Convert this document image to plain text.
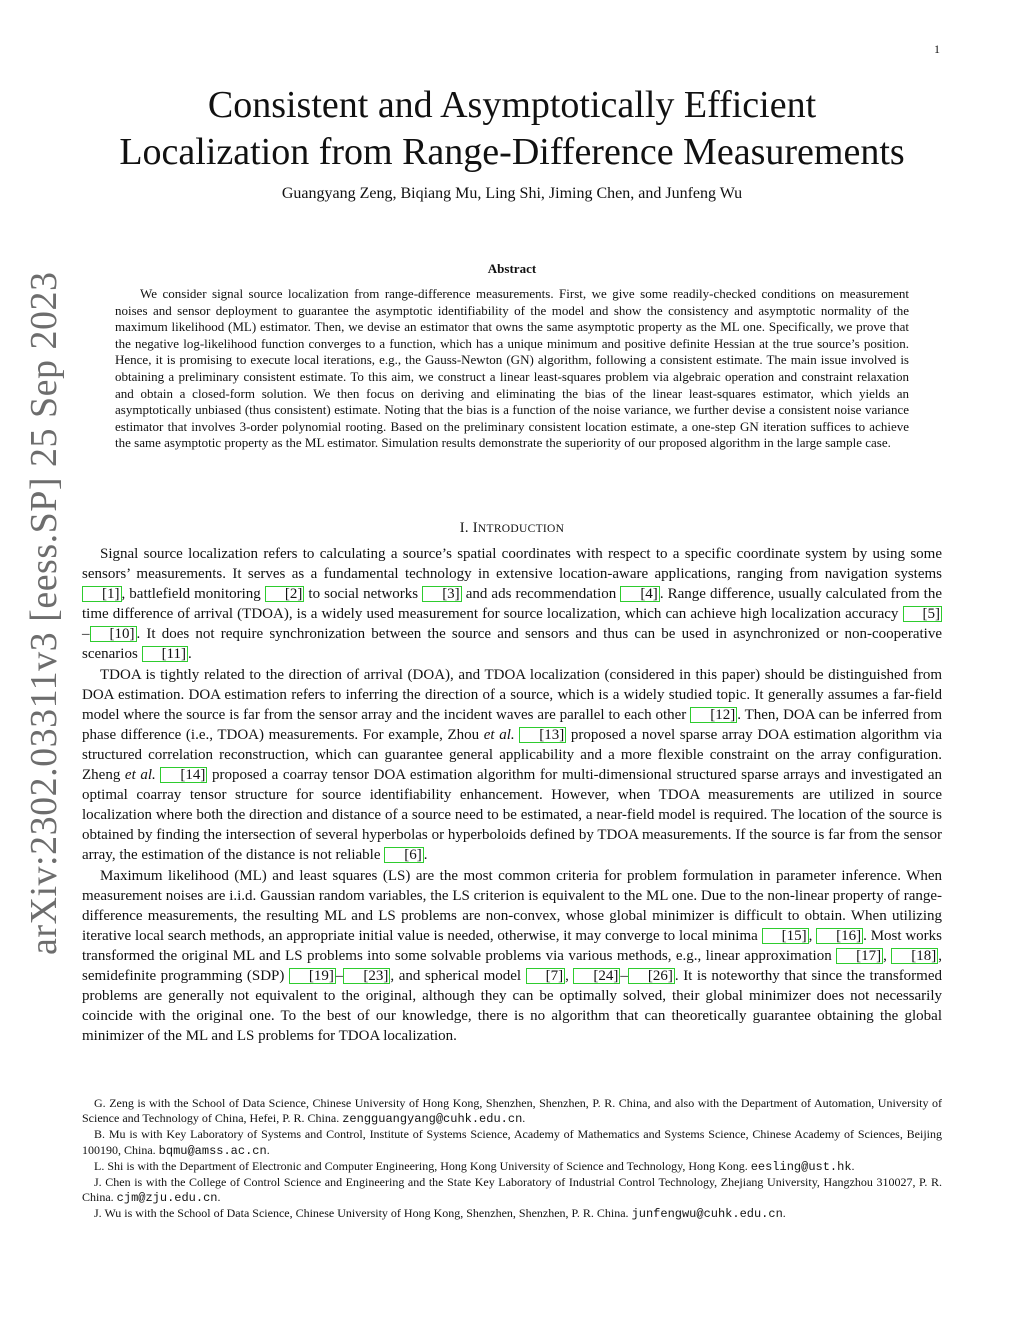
1
arXiv:2302.03311v3 [eess.SP] 25 Sep 2023
Consistent and Asymptotically Efficient
Localization from Range-Difference Measurements
Guangyang Zeng, Biqiang Mu, Ling Shi, Jiming Chen, and Junfeng Wu
Abstract

We consider signal source localization from range-difference measurements. First, we give some readily-checked conditions on measurement noises and sensor deployment to guarantee the asymptotic identifiability of the model and show the consistency and asymptotic normality of the maximum likelihood (ML) estimator. Then, we devise an estimator that owns the same asymptotic property as the ML one. Specifically, we prove that the negative log-likelihood function converges to a function, which has a unique minimum and positive definite Hessian at the true source’s position. Hence, it is promising to execute local iterations, e.g., the Gauss-Newton (GN) algorithm, following a consistent estimate. The main issue involved is obtaining a preliminary consistent estimate. To this aim, we construct a linear least-squares problem via algebraic operation and constraint relaxation and obtain a closed-form solution. We then focus on deriving and eliminating the bias of the linear least-squares estimator, which yields an asymptotically unbiased (thus consistent) estimate. Noting that the bias is a function of the noise variance, we further devise a consistent noise variance estimator that involves 3-order polynomial rooting. Based on the preliminary consistent location estimate, a one-step GN iteration suffices to achieve the same asymptotic property as the ML estimator. Simulation results demonstrate the superiority of our proposed algorithm in the large sample case.

I. INTRODUCTION

Signal source localization refers to calculating a source’s spatial coordinates with respect to a specific coordinate system by using some sensors’ measurements. It serves as a fundamental technology in extensive location-aware applications, ranging from navigation systems [1] , battlefield monitoring [2] to social networks [3] and ads recommendation [4] . Range difference, usually calculated from the time difference of arrival (TDOA), is a widely used measurement for source localization, which can achieve high localization accuracy [5]– [10] . It does not require synchronization between the source and sensors and thus can be used in asynchronized or non-cooperative scenarios [11] .

TDOA is tightly related to the direction of arrival (DOA), and TDOA localization (considered in this paper) should be distinguished from DOA estimation. DOA estimation refers to inferring the direction of a source, which is a widely studied topic. It generally assumes a far-field model where the source is far from the sensor array and the incident waves are parallel to each other [12] . Then, DOA can be inferred from phase difference (i.e., TDOA) measurements. For example, Zhou et al. [13] proposed a novel sparse array DOA estimation algorithm via structured correlation reconstruction, which can guarantee general applicability and a more flexible constraint on the array configuration. Zheng et al. [14] proposed a coarray tensor DOA estimation algorithm for multi-dimensional structured sparse arrays and investigated an optimal coarray tensor structure for source identifiability enhancement. However, when TDOA measurements are utilized in source localization where both the direction and distance of a source need to be estimated, a near-field model is required. The location of the source is obtained by finding the intersection of several hyperbolas or hyperboloids defined by TDOA measurements. If the source is far from the sensor array, the estimation of the distance is not reliable [6] .

Maximum likelihood (ML) and least squares (LS) are the most common criteria for problem formulation in parameter inference. When measurement noises are i.i.d. Gaussian random variables, the LS criterion is equivalent to the ML one. Due to the non-linear property of range-difference measurements, the resulting ML and LS problems are non-convex, whose global minimizer is difficult to obtain. When utilizing iterative local search methods, an appropriate initial value is needed, otherwise, it may converge to local minima [15] , [16] . Most works transformed the original ML and LS problems into some solvable problems via various methods, e.g., linear approximation [17] , [18] , semidefinite programming (SDP) [19] – [23] , and spherical model [7] , [24] – [26] . It is noteworthy that since the transformed problems are generally not equivalent to the original, although they can be optimally solved, their global minimizer does not necessarily coincide with the original one. To the best of our knowledge, there is no algorithm that can theoretically guarantee obtaining the global minimizer of the ML and LS problems for TDOA localization.

G. Zeng is with the School of Data Science, Chinese University of Hong Kong, Shenzhen, Shenzhen, P. R. China, and also with the Department of Automation, University of Science and Technology of China, Hefei, P. R. China. zengguangyang@cuhk.edu.cn.

B. Mu is with Key Laboratory of Systems and Control, Institute of Systems Science, Academy of Mathematics and Systems Science, Chinese Academy of Sciences, Beijing 100190, China. bqmu@amss.ac.cn.

L. Shi is with the Department of Electronic and Computer Engineering, Hong Kong University of Science and Technology, Hong Kong. eesling@ust.hk.

J. Chen is with the College of Control Science and Engineering and the State Key Laboratory of Industrial Control Technology, Zhejiang University, Hangzhou 310027, P. R. China. cjm@zju.edu.cn.

J. Wu is with the School of Data Science, Chinese University of Hong Kong, Shenzhen, Shenzhen, P. R. China. junfengwu@cuhk.edu.cn.
